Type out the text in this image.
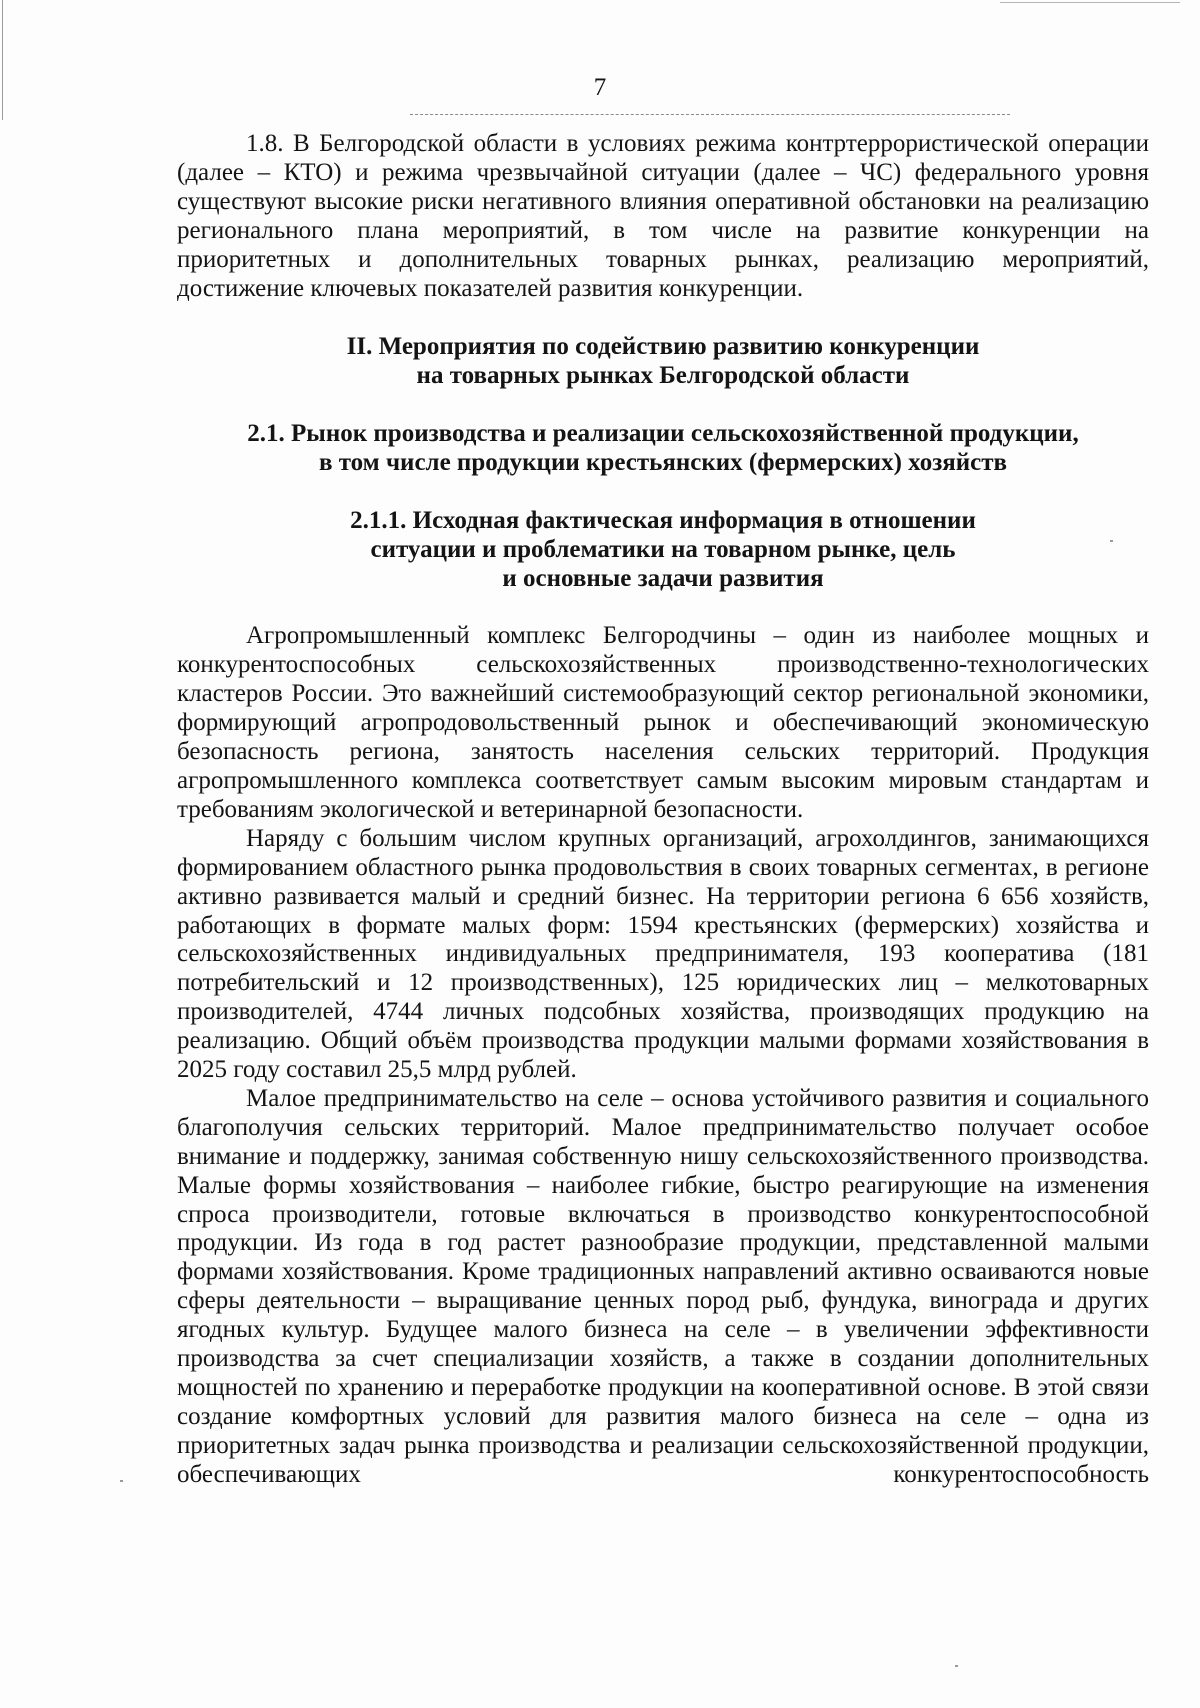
7

1.8. В Белгородской области в условиях режима контртеррористической операции (далее – КТО) и режима чрезвычайной ситуации (далее – ЧС) федерального уровня существуют высокие риски негативного влияния оперативной обстановки на реализацию регионального плана мероприятий, в том числе на развитие конкуренции на приоритетных и дополнительных товарных рынках, реализацию мероприятий, достижение ключевых показателей развития конкуренции.

II. Мероприятия по содействию развитию конкуренции
на товарных рынках Белгородской области
2.1. Рынок производства и реализации сельскохозяйственной продукции,
в том числе продукции крестьянских (фермерских) хозяйств
2.1.1. Исходная фактическая информация в отношении
ситуации и проблематики на товарном рынке, цель
и основные задачи развития

Агропромышленный комплекс Белгородчины – один из наиболее мощных и конкурентоспособных сельскохозяйственных производственно-технологических кластеров России. Это важнейший системообразующий сектор региональной экономики, формирующий агропродовольственный рынок и обеспечивающий экономическую безопасность региона, занятость населения сельских территорий. Продукция агропромышленного комплекса соответствует самым высоким мировым стандартам и требованиям экологической и ветеринарной безопасности.

Наряду с большим числом крупных организаций, агрохолдингов, занимающихся формированием областного рынка продовольствия в своих товарных сегментах, в регионе активно развивается малый и средний бизнес. На территории региона 6 656 хозяйств, работающих в формате малых форм: 1594 крестьянских (фермерских) хозяйства и сельскохозяйственных индивидуальных предпринимателя, 193 кооператива (181 потребительский и 12 производственных), 125 юридических лиц – мелкотоварных производителей, 4744 личных подсобных хозяйства, производящих продукцию на реализацию. Общий объём производства продукции малыми формами хозяйствования в 2025 году составил 25,5 млрд рублей.

Малое предпринимательство на селе – основа устойчивого развития и социального благополучия сельских территорий. Малое предпринимательство получает особое внимание и поддержку, занимая собственную нишу сельскохозяйственного производства. Малые формы хозяйствования – наиболее гибкие, быстро реагирующие на изменения спроса производители, готовые включаться в производство конкурентоспособной продукции. Из года в год растет разнообразие продукции, представленной малыми формами хозяйствования. Кроме традиционных направлений активно осваиваются новые сферы деятельности – выращивание ценных пород рыб, фундука, винограда и других ягодных культур. Будущее малого бизнеса на селе – в увеличении эффективности производства за счет специализации хозяйств, а также в создании дополнительных мощностей по хранению и переработке продукции на кооперативной основе. В этой связи создание комфортных условий для развития малого бизнеса на селе – одна из приоритетных задач рынка производства и реализации сельскохозяйственной продукции, обеспечивающих конкурентоспособность
